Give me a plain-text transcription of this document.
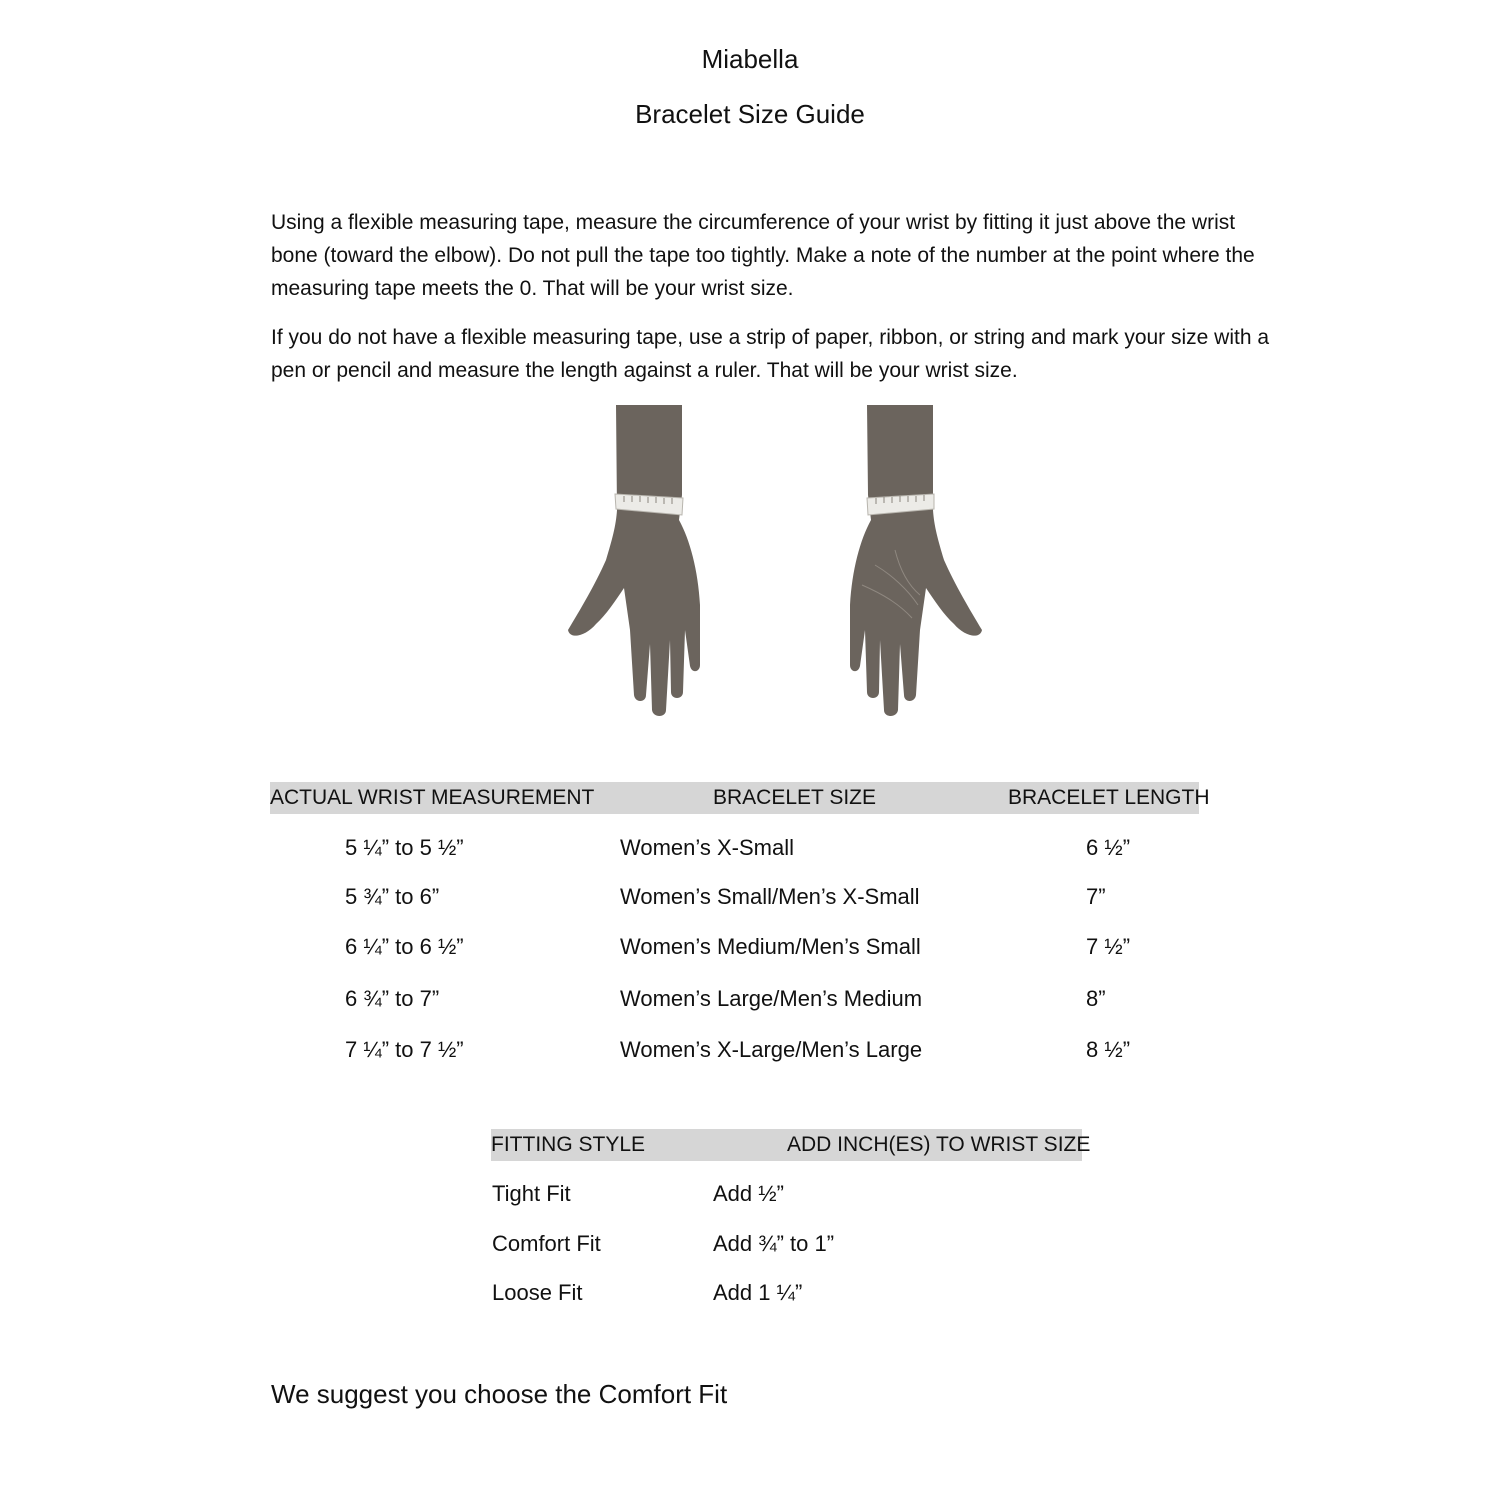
Miabella
Bracelet Size Guide

Using a flexible measuring tape, measure the circumference of your wrist by fitting it just above the wrist bone (toward the elbow). Do not pull the tape too tightly. Make a note of the number at the point where the measuring tape meets the 0. That will be your wrist size.

If you do not have a flexible measuring tape, use a strip of paper, ribbon, or string and mark your size with a pen or pencil and measure the length against a ruler. That will be your wrist size.

ACTUAL WRIST MEASUREMENT	BRACELET SIZE	BRACELET LENGTH
5 ¼” to 5 ½”	Women’s X-Small	6 ½”
5 ¾” to 6”	Women’s Small/Men’s X-Small	7”
6 ¼” to 6 ½”	Women’s Medium/Men’s Small	7 ½”
6 ¾” to 7”	Women’s Large/Men’s Medium	8”
7 ¼” to 7 ½”	Women’s X-Large/Men’s Large	8 ½”
FITTING STYLE	ADD INCH(ES) TO WRIST SIZE
Tight Fit	Add ½”
Comfort Fit	Add ¾” to 1”
Loose Fit	Add 1 ¼”
We suggest you choose the Comfort Fit
